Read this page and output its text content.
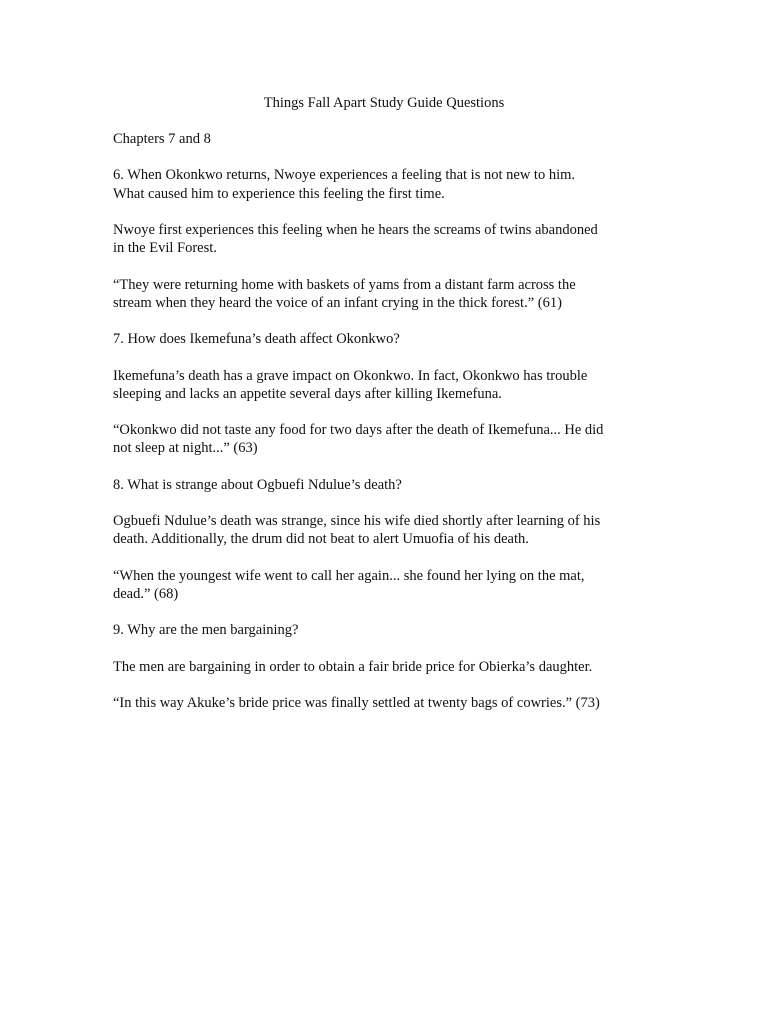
Things Fall Apart Study Guide Questions

Chapters 7 and 8

6. When Okonkwo returns, Nwoye experiences a feeling that is not new to him.
What caused him to experience this feeling the first time.

Nwoye first experiences this feeling when he hears the screams of twins abandoned
in the Evil Forest.

“They were returning home with baskets of yams from a distant farm across the
stream when they heard the voice of an infant crying in the thick forest.” (61)

7. How does Ikemefuna’s death affect Okonkwo?

Ikemefuna’s death has a grave impact on Okonkwo. In fact, Okonkwo has trouble
sleeping and lacks an appetite several days after killing Ikemefuna.

“Okonkwo did not taste any food for two days after the death of Ikemefuna... He did
not sleep at night...” (63)

8. What is strange about Ogbuefi Ndulue’s death?

Ogbuefi Ndulue’s death was strange, since his wife died shortly after learning of his
death. Additionally, the drum did not beat to alert Umuofia of his death.

“When the youngest wife went to call her again... she found her lying on the mat,
dead.” (68)

9. Why are the men bargaining?

The men are bargaining in order to obtain a fair bride price for Obierka’s daughter.

“In this way Akuke’s bride price was finally settled at twenty bags of cowries.” (73)
